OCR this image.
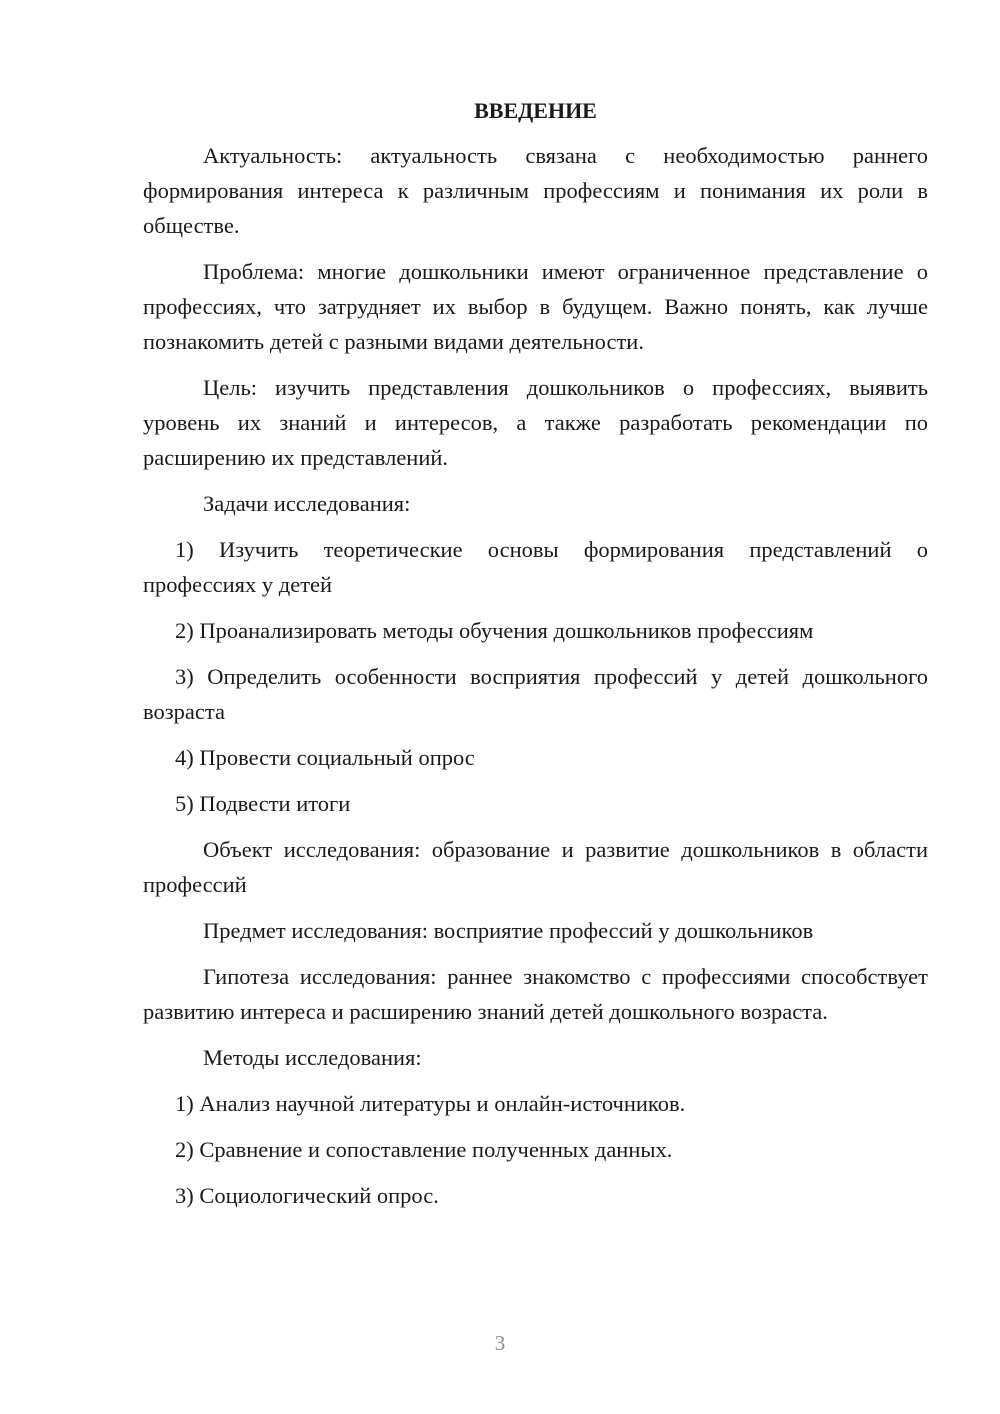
ВВЕДЕНИЕ

Актуальность: актуальность связана с необходимостью раннего формирования интереса к различным профессиям и понимания их роли в обществе.

Проблема: многие дошкольники имеют ограниченное представление о профессиях, что затрудняет их выбор в будущем. Важно понять, как лучше познакомить детей с разными видами деятельности.

Цель: изучить представления дошкольников о профессиях, выявить уровень их знаний и интересов, а также разработать рекомендации по расширению их представлений.

Задачи исследования:

1) Изучить теоретические основы формирования представлений о профессиях у детей

2) Проанализировать методы обучения дошкольников профессиям

3) Определить особенности восприятия профессий у детей дошкольного возраста

4) Провести социальный опрос

5) Подвести итоги

Объект исследования: образование и развитие дошкольников в области профессий

Предмет исследования: восприятие профессий у дошкольников

Гипотеза исследования: раннее знакомство с профессиями способствует развитию интереса и расширению знаний детей дошкольного возраста.

Методы исследования:

1) Анализ научной литературы и онлайн-источников.

2) Сравнение и сопоставление полученных данных.

3) Социологический опрос.

3
